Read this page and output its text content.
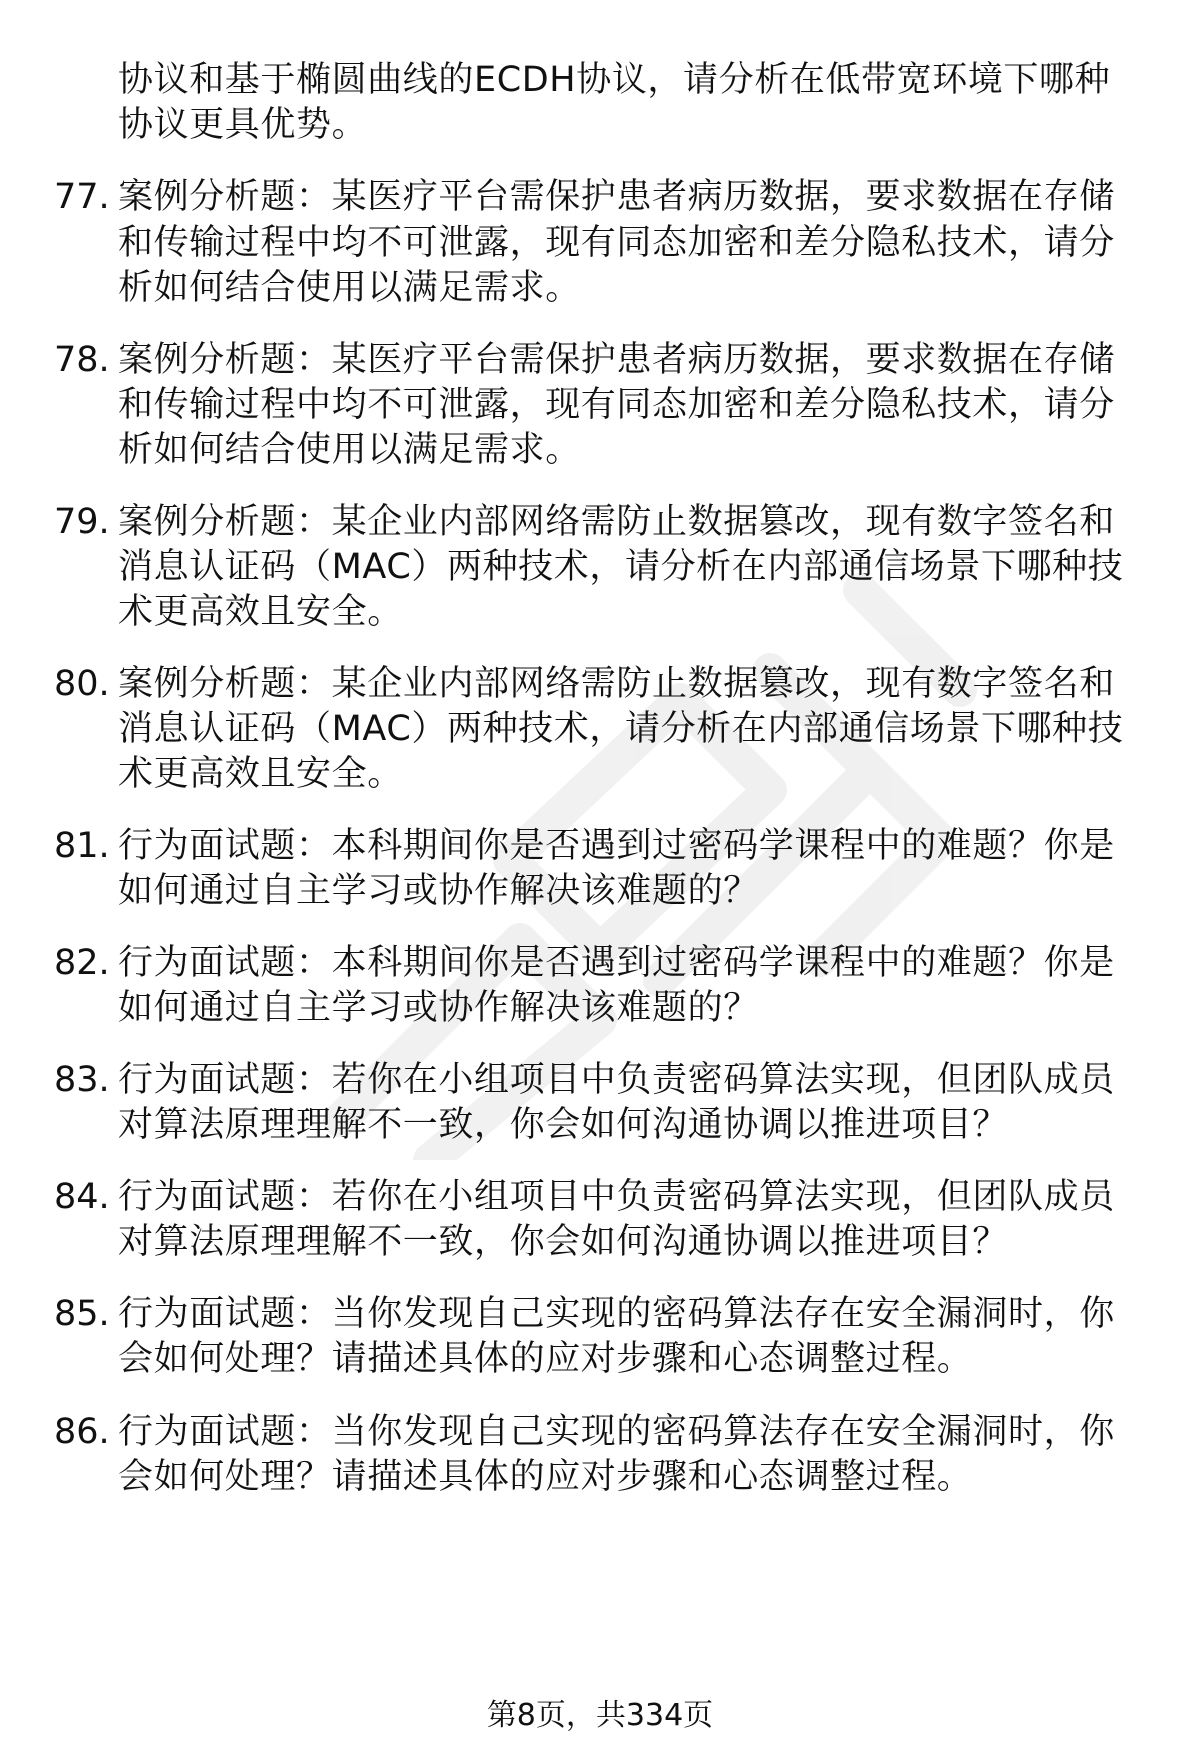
协议和基于椭圆曲线的ECDH协议，请分析在低带宽环境下哪种
协议更具优势。
77. 案例分析题：某医疗平台需保护患者病历数据，要求数据在存储
和传输过程中均不可泄露，现有同态加密和差分隐私技术，请分
析如何结合使用以满足需求。
78. 案例分析题：某医疗平台需保护患者病历数据，要求数据在存储
和传输过程中均不可泄露，现有同态加密和差分隐私技术，请分
析如何结合使用以满足需求。
79. 案例分析题：某企业内部网络需防止数据篡改，现有数字签名和
消息认证码（MAC）两种技术，请分析在内部通信场景下哪种技
术更高效且安全。
80. 案例分析题：某企业内部网络需防止数据篡改，现有数字签名和
消息认证码（MAC）两种技术，请分析在内部通信场景下哪种技
术更高效且安全。
81. 行为面试题：本科期间你是否遇到过密码学课程中的难题？你是
如何通过自主学习或协作解决该难题的？
82. 行为面试题：本科期间你是否遇到过密码学课程中的难题？你是
如何通过自主学习或协作解决该难题的？
83. 行为面试题：若你在小组项目中负责密码算法实现，但团队成员
对算法原理理解不一致，你会如何沟通协调以推进项目？
84. 行为面试题：若你在小组项目中负责密码算法实现，但团队成员
对算法原理理解不一致，你会如何沟通协调以推进项目？
85. 行为面试题：当你发现自己实现的密码算法存在安全漏洞时，你
会如何处理？请描述具体的应对步骤和心态调整过程。
86. 行为面试题：当你发现自己实现的密码算法存在安全漏洞时，你
会如何处理？请描述具体的应对步骤和心态调整过程。
第8页，共334页
